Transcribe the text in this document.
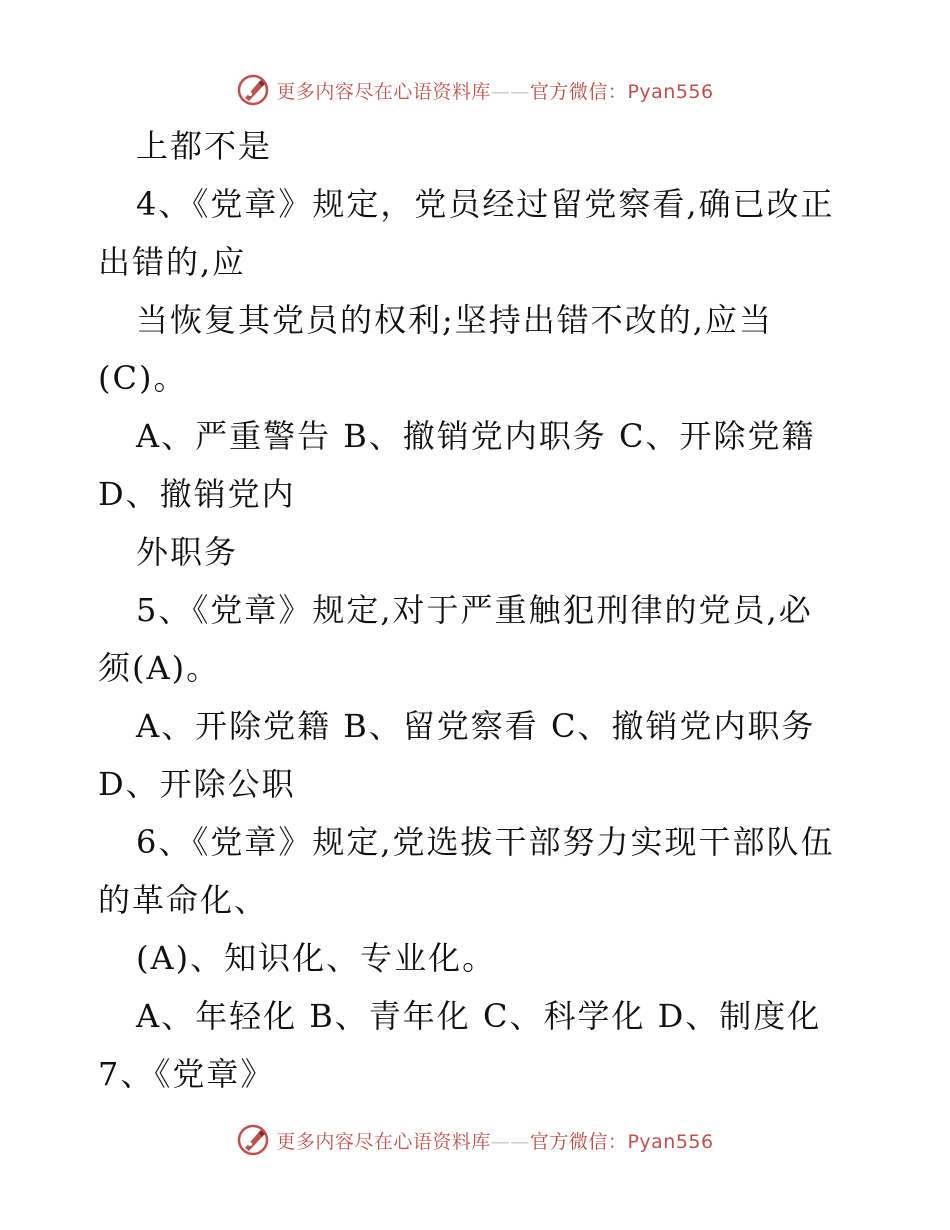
更多内容尽在心语资料库——官方微信：Pyan556
上都不是
4、《党章》规定，党员经过留党察看,确已改正
出错的,应
当恢复其党员的权利;坚持出错不改的,应当
(C)。
A、严重警告 B、撤销党内职务 C、开除党籍
D、撤销党内
外职务
5、《党章》规定,对于严重触犯刑律的党员,必
须(A)。
A、开除党籍 B、留党察看 C、撤销党内职务
D、开除公职
6、《党章》规定,党选拔干部努力实现干部队伍
的革命化、
(A)、知识化、专业化。
A、年轻化 B、青年化 C、科学化 D、制度化
7、《党章》
更多内容尽在心语资料库——官方微信：Pyan556
